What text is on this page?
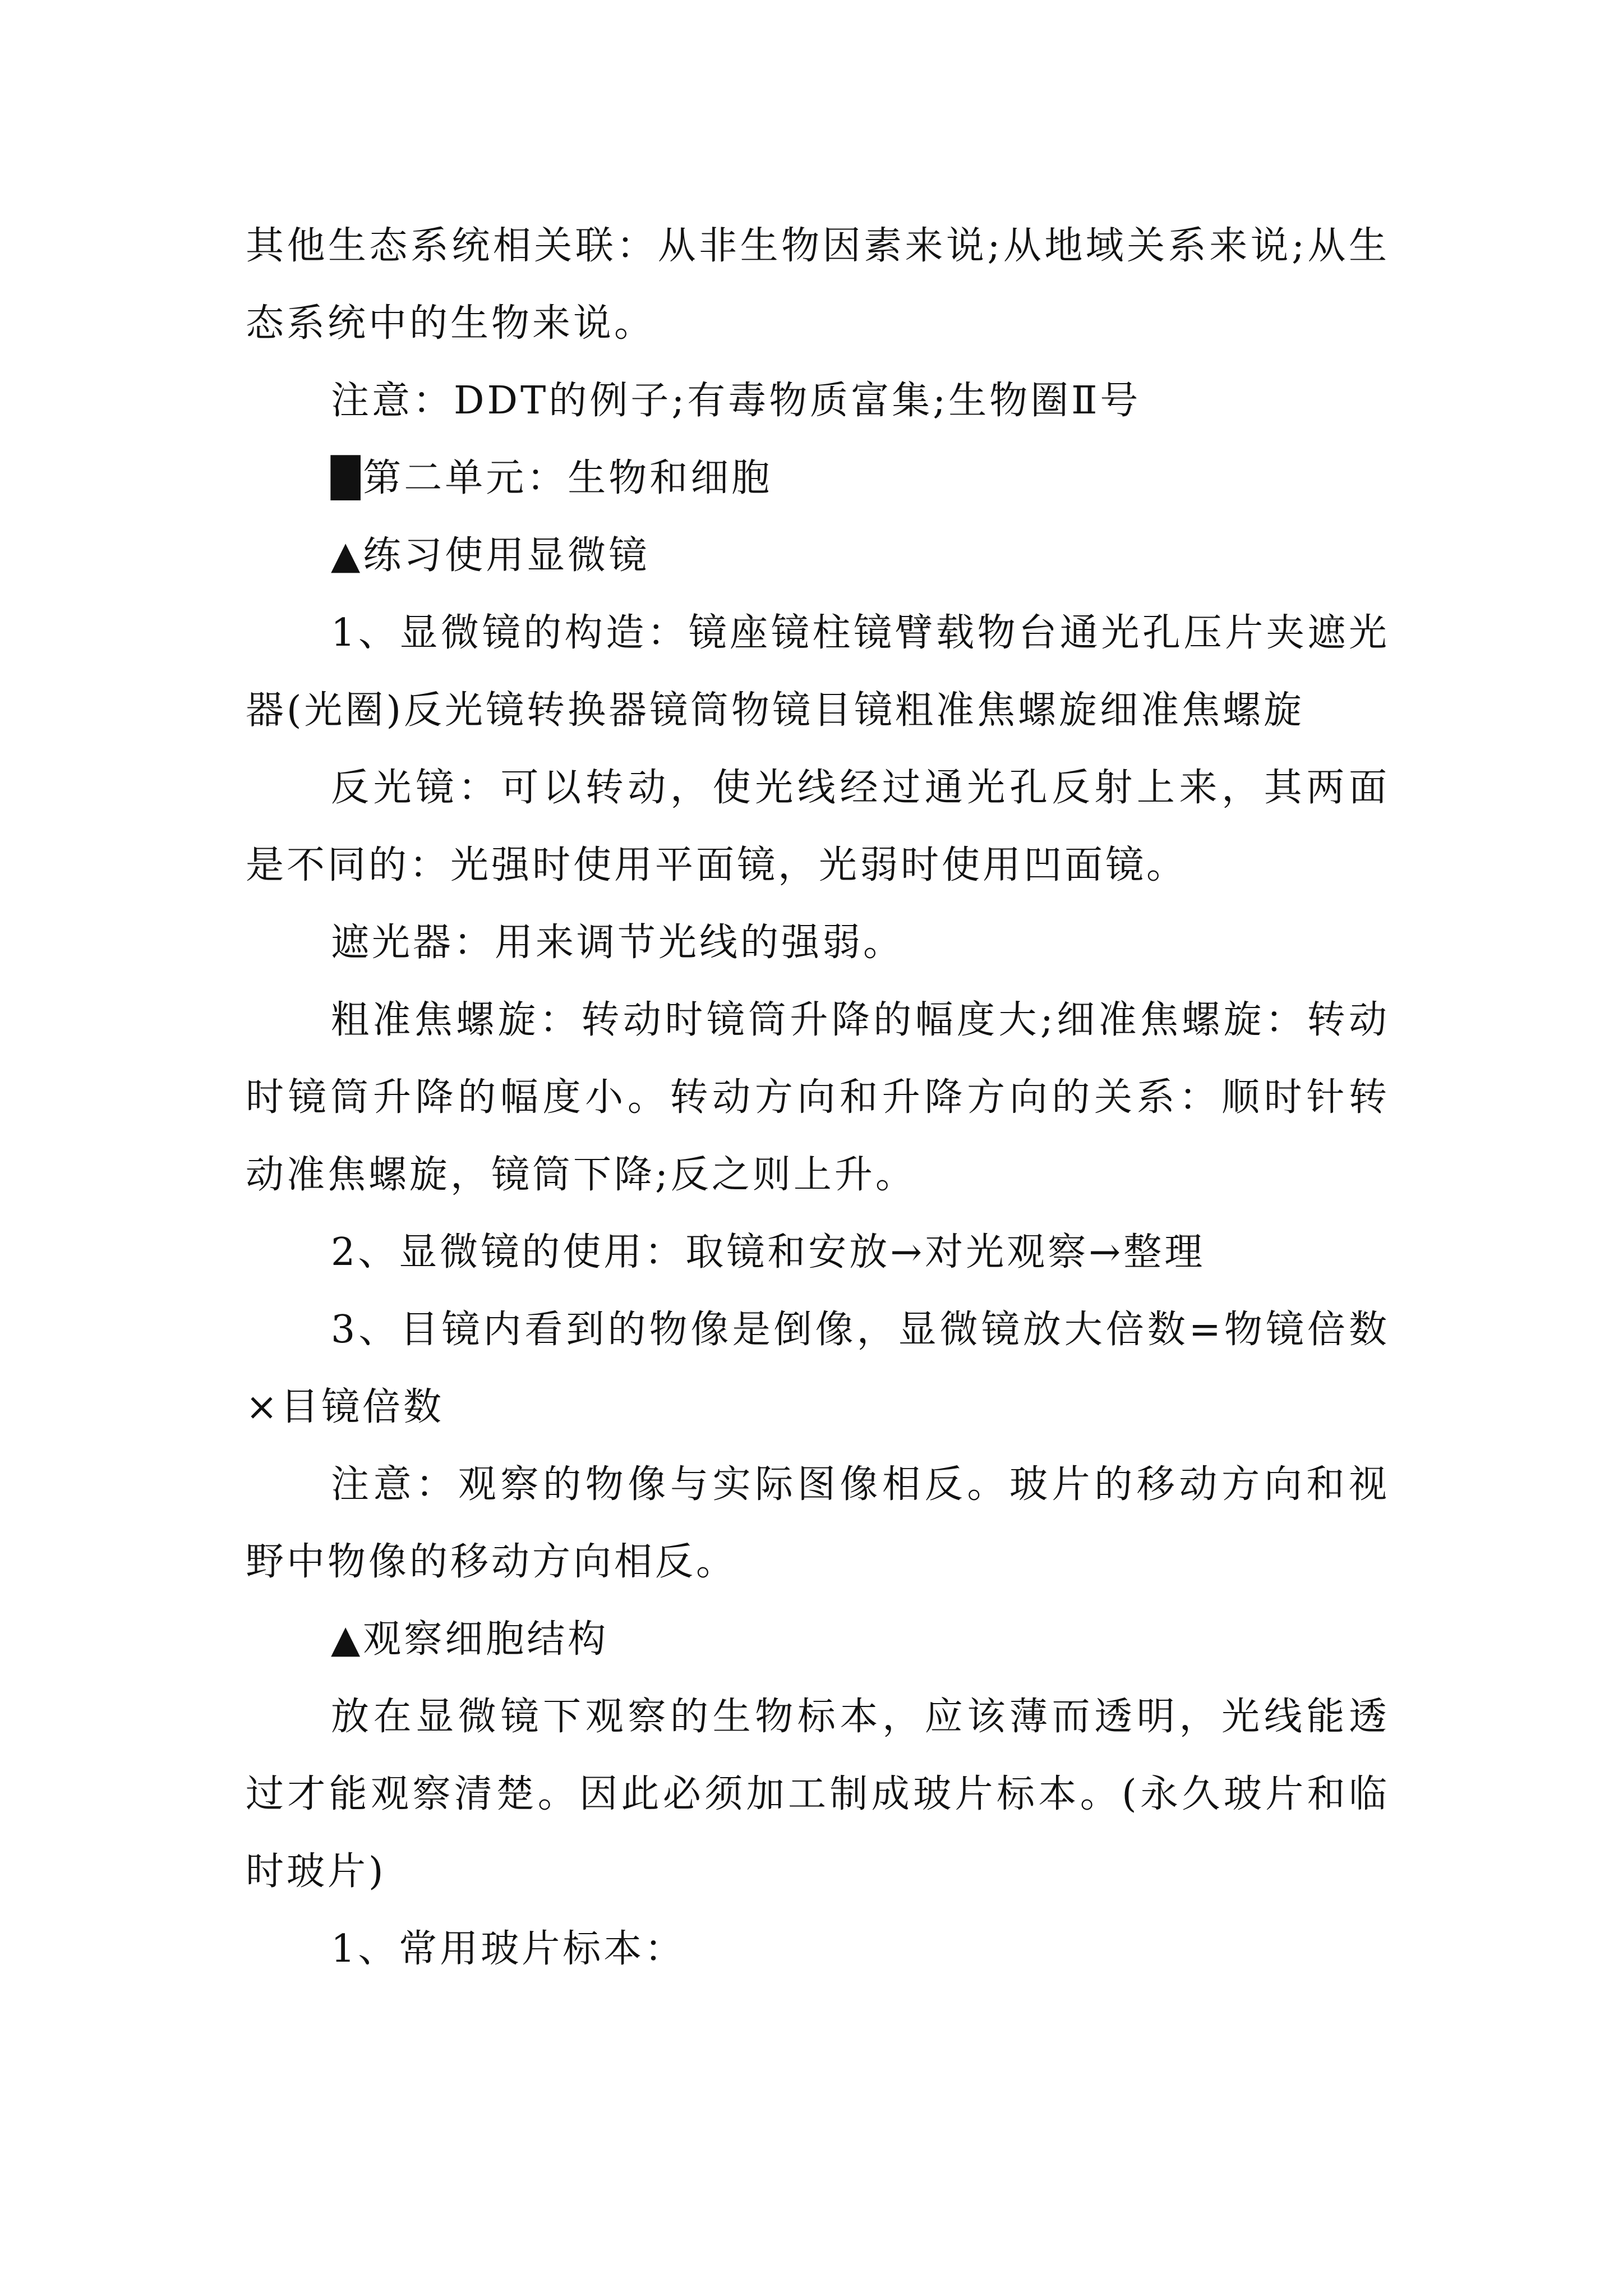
其他生态系统相关联：从非生物因素来说;从地域关系来说;从生态系统中的生物来说。

注意：DDT的例子;有毒物质富集;生物圈Ⅱ号

█第二单元：生物和细胞

▲练习使用显微镜

1、显微镜的构造：镜座镜柱镜臂载物台通光孔压片夹遮光器(光圈)反光镜转换器镜筒物镜目镜粗准焦螺旋细准焦螺旋

反光镜：可以转动，使光线经过通光孔反射上来，其两面是不同的：光强时使用平面镜，光弱时使用凹面镜。

遮光器：用来调节光线的强弱。

粗准焦螺旋：转动时镜筒升降的幅度大;细准焦螺旋：转动时镜筒升降的幅度小。转动方向和升降方向的关系：顺时针转动准焦螺旋，镜筒下降;反之则上升。

2、显微镜的使用：取镜和安放→对光观察→整理

3、目镜内看到的物像是倒像，显微镜放大倍数=物镜倍数×目镜倍数

注意：观察的物像与实际图像相反。玻片的移动方向和视野中物像的移动方向相反。

▲观察细胞结构

放在显微镜下观察的生物标本，应该薄而透明，光线能透过才能观察清楚。因此必须加工制成玻片标本。(永久玻片和临时玻片)

1、常用玻片标本：
